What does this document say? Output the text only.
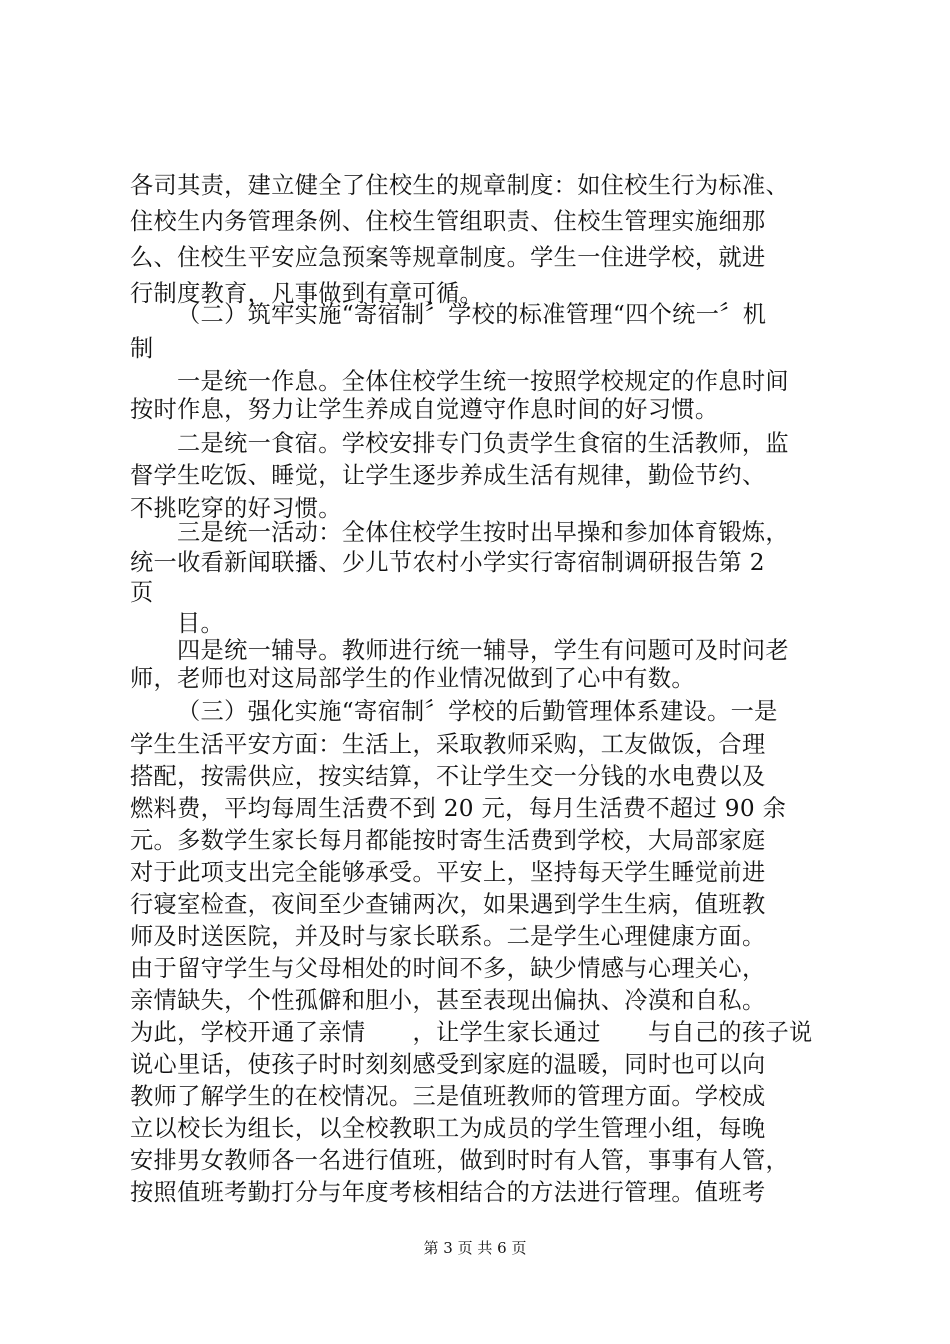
各司其责，建立健全了住校生的规章制度：如住校生行为标准、
住校生内务管理条例、住校生管组职责、住校生管理实施细那
么、住校生平安应急预案等规章制度。学生一住进学校，就进
行制度教育，凡事做到有章可循。
（二）筑牢实施“寄宿制〞学校的标准管理“四个统一〞机
制
一是统一作息。全体住校学生统一按照学校规定的作息时间
按时作息，努力让学生养成自觉遵守作息时间的好习惯。
二是统一食宿。学校安排专门负责学生食宿的生活教师，监
督学生吃饭、睡觉，让学生逐步养成生活有规律，勤俭节约、
不挑吃穿的好习惯。
三是统一活动：全体住校学生按时出早操和参加体育锻炼，
统一收看新闻联播、少儿节农村小学实行寄宿制调研报告第 2
页
目。
四是统一辅导。教师进行统一辅导，学生有问题可及时问老
师，老师也对这局部学生的作业情况做到了心中有数。
（三）强化实施“寄宿制〞学校的后勤管理体系建设。一是
学生生活平安方面：生活上，采取教师采购，工友做饭，合理
搭配，按需供应，按实结算，不让学生交一分钱的水电费以及
燃料费，平均每周生活费不到 20 元，每月生活费不超过 90 余
元。多数学生家长每月都能按时寄生活费到学校，大局部家庭
对于此项支出完全能够承受。平安上，坚持每天学生睡觉前进
行寝室检查，夜间至少查铺两次，如果遇到学生生病，值班教
师及时送医院，并及时与家长联系。二是学生心理健康方面。
由于留守学生与父母相处的时间不多，缺少情感与心理关心，
亲情缺失，个性孤僻和胆小，甚至表现出偏执、冷漠和自私。
为此，学校开通了亲情　　，让学生家长通过　　与自己的孩子说
说心里话，使孩子时时刻刻感受到家庭的温暖，同时也可以向
教师了解学生的在校情况。三是值班教师的管理方面。学校成
立以校长为组长，以全校教职工为成员的学生管理小组，每晚
安排男女教师各一名进行值班，做到时时有人管，事事有人管，
按照值班考勤打分与年度考核相结合的方法进行管理。值班考
第 3 页 共 6 页
